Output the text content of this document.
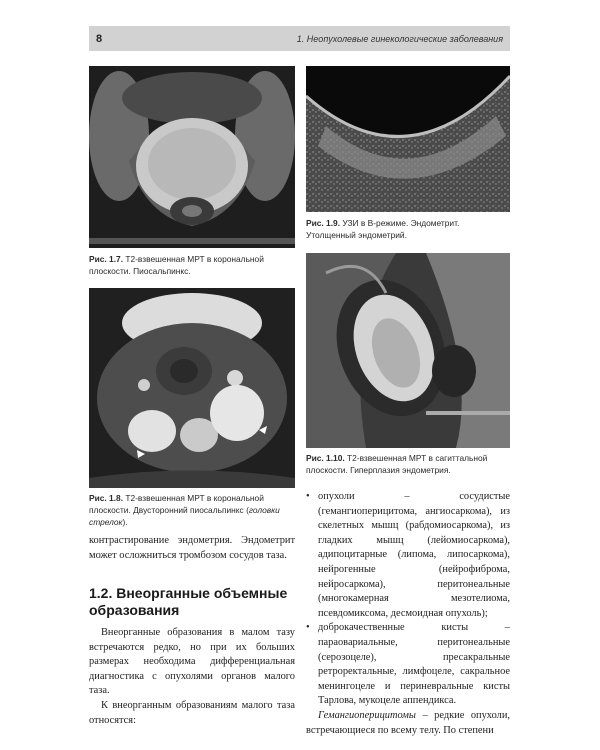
8	1. Неопухолевые гинекологические заболевания

Рис. 1.7. T2-взвешенная МРТ в корональной плоскости. Пиосальпинкс.

Рис. 1.8. T2-взвешенная МРТ в корональной плоскости. Двусторонний пиосальпинкс (головки стрелок).

Рис. 1.9. УЗИ в B-режиме. Эндометрит. Утолщенный эндометрий.

Рис. 1.10. T2-взвешенная МРТ в сагиттальной плоскости. Гиперплазия эндометрия.

контрастирование эндометрия. Эндометрит может осложниться тромбозом сосудов таза.

1.2. Внеорганные объемные образования

Внеорганные образования в малом тазу встречаются редко, но при их больших размерах необходима дифференциальная диагностика с опухолями органов малого таза.

К внеорганным образованиям малого таза относятся:

• опухоли – сосудистые (гемангиоперицитома, ангиосаркома), из скелетных мышц (рабдомиосаркома), из гладких мышц (лейомиосаркома), адипоцитарные (липома, липосаркома), нейрогенные (нейрофиброма, нейросаркома), перитонеальные (многокамерная мезотелиома, псевдомиксома, десмоидная опухоль);
• доброкачественные кисты – параовариальные, перитонеальные (серозоцеле), пресакральные ретроректальные, лимфоцеле, сакральное менингоцеле и периневральные кисты Тарлова, мукоцеле аппендикса.

Гемангиоперицитомы – редкие опухоли, встречающиеся по всему телу. По степени
